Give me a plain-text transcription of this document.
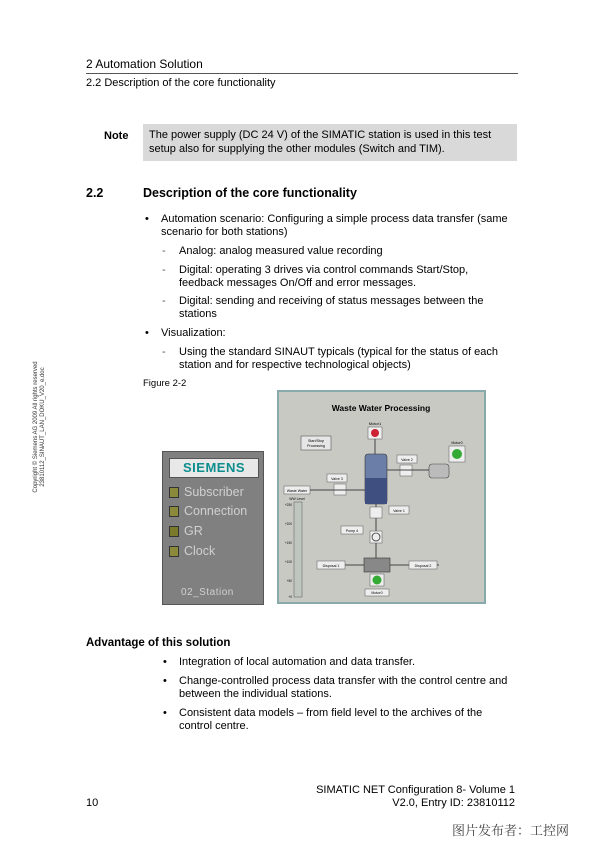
2 Automation Solution
2.2 Description of the core functionality
Note	The power supply (DC 24 V) of the SIMATIC station is used in this test setup also for supplying the other modules (Switch and TIM).
2.2	Description of the core functionality
• Automation scenario: Configuring a simple process data transfer (same
scenario for both stations)
- Analog: analog measured value recording
- Digital: operating 3 drives via control commands Start/Stop,
feedback messages On/Off and error messages.
- Digital: sending and receiving of status messages between the
stations
• Visualization:
- Using the standard SINAUT typicals (typical for the status of each
station and for respective technological objects)
Figure 2-2
SIEMENS
Subscriber
Connection
GR
Clock
02_Station
Waste Water Processing
Start/Stop
Processing
Motor1
Valve 2
Motor0
Valve 3
Waste Water
WW Level
+250
+200
+150
+100
+50
+0
Valve 1
Pump 4
Disposal 1	Disposal 2
Motor0
Advantage of this solution
• Integration of local automation and data transfer.
• Change-controlled process data transfer with the control centre and
between the individual stations.
• Consistent data models – from field level to the archives of the
control centre.
SIMATIC NET Configuration 8- Volume 1
V2.0, Entry ID: 23810112
10
Copyright © Siemens AG 2009 All rights reserved 23810112_SINAUT_LAN_DOKU_V20_e.doc
图片发布者：工控网
